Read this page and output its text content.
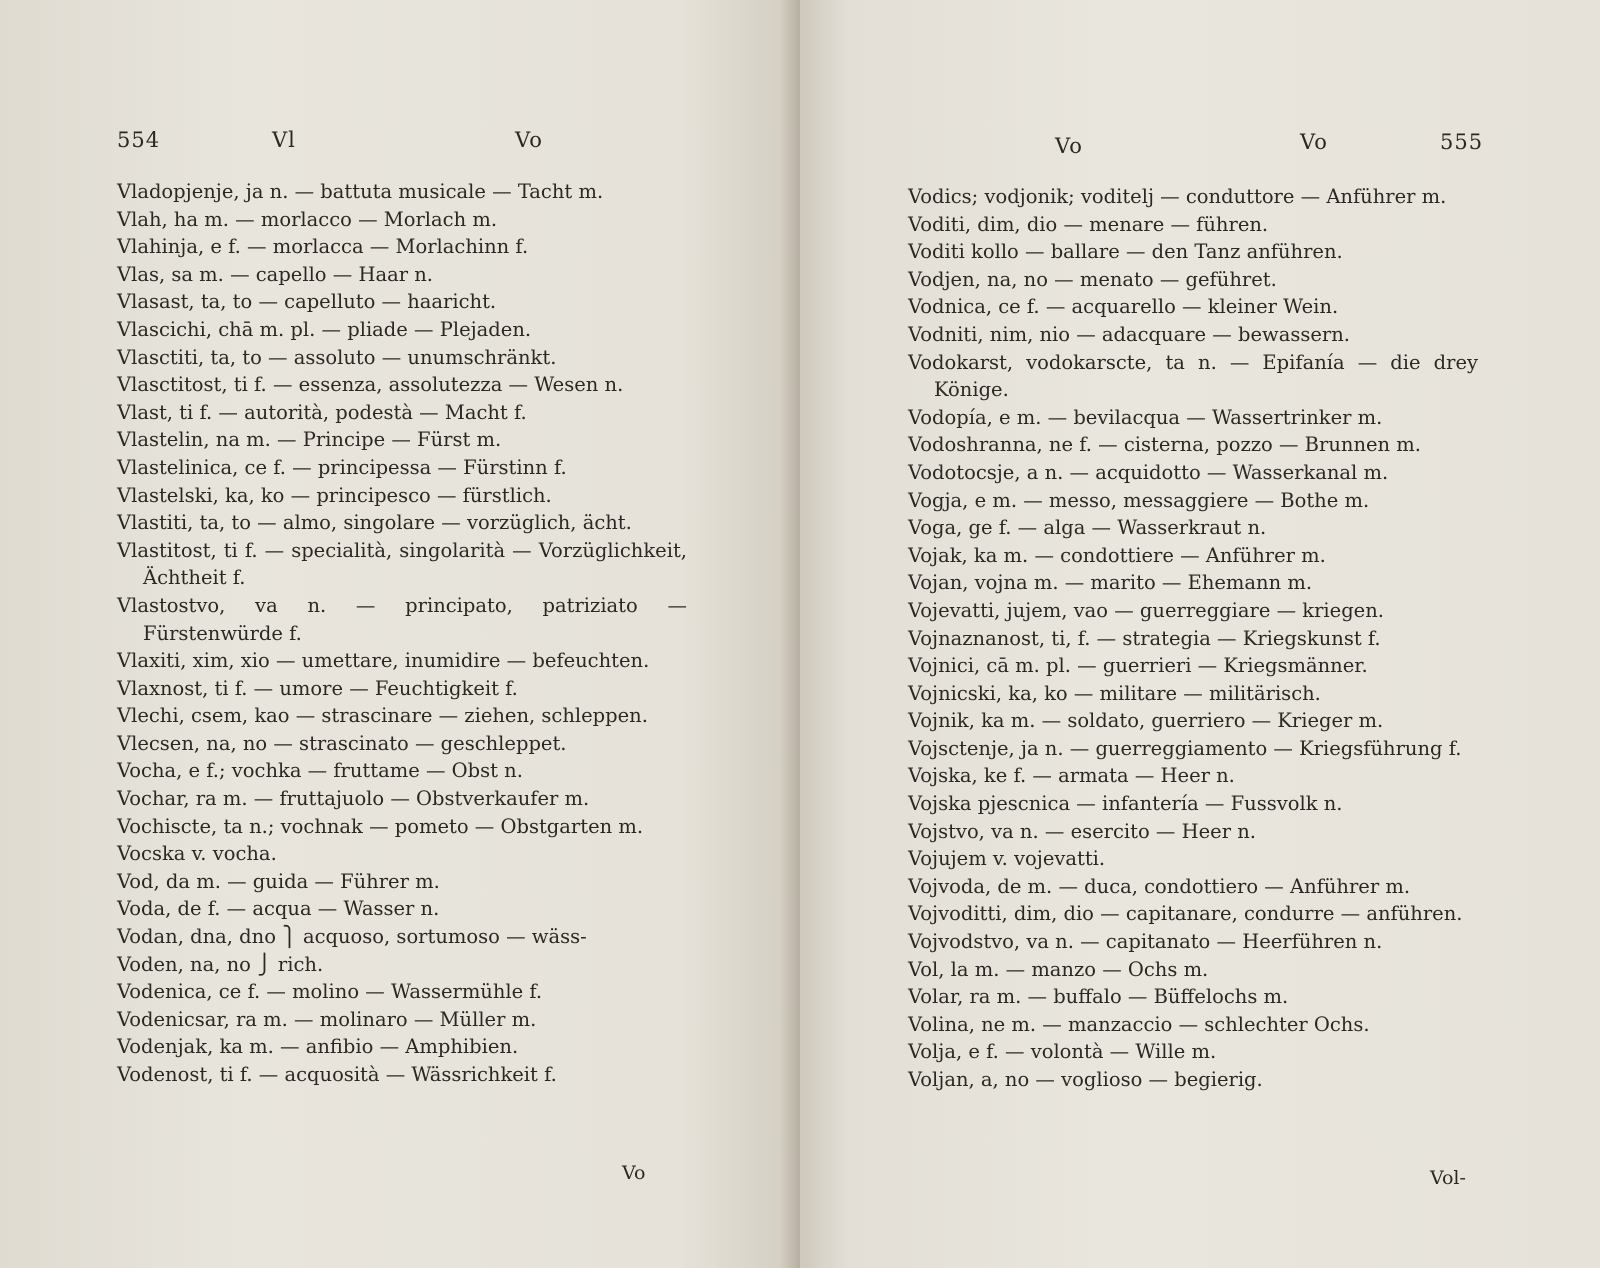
554	Vl	Vo
Vladopjenje, ja n. — battuta musicale — Tacht m.
Vlah, ha m. — morlacco — Morlach m.
Vlahinja, e f. — morlacca — Morlachinn f.
Vlas, sa m. — capello — Haar n.
Vlasast, ta, to — capelluto — haaricht.
Vlascichi, chā m. pl. — pliade — Plejaden.
Vlasctiti, ta, to — assoluto — unumschränkt.
Vlasctitost, ti f. — essenza, assolutezza — Wesen n.
Vlast, ti f. — autorità, podestà — Macht f.
Vlastelin, na m. — Principe — Fürst m.
Vlastelinica, ce f. — principessa — Fürstinn f.
Vlastelski, ka, ko — principesco — fürstlich.
Vlastiti, ta, to — almo, singolare — vorzüglich, ächt.
Vlastitost, ti f. — specialità, singolarità — Vorzüglichkeit, Ächtheit f.
Vlastostvo, va n. — principato, patriziato — Fürstenwürde f.
Vlaxiti, xim, xio — umettare, inumidire — befeuchten.
Vlaxnost, ti f. — umore — Feuchtigkeit f.
Vlechi, csem, kao — strascinare — ziehen, schleppen.
Vlecsen, na, no — strascinato — geschleppet.
Vocha, e f.; vochka — fruttame — Obst n.
Vochar, ra m. — fruttajuolo — Obstverkaufer m.
Vochiscte, ta n.; vochnak — pometo — Obstgarten m.
Vocska v. vocha.
Vod, da m. — guida — Führer m.
Voda, de f. — acqua — Wasser n.
Vodan, dna, dno ⎫ acquoso, sortumoso — wäss-
Voden, na, no ⎭ rich.
Vodenica, ce f. — molino — Wassermühle f.
Vodenicsar, ra m. — molinaro — Müller m.
Vodenjak, ka m. — anfibio — Amphibien.
Vodenost, ti f. — acquosità — Wässrichkeit f.
Vo
Vo	Vo	555
Vodics; vodjonik; voditelj — conduttore — Anführer m.
Voditi, dim, dio — menare — führen.
Voditi kollo — ballare — den Tanz anführen.
Vodjen, na, no — menato — geführet.
Vodnica, ce f. — acquarello — kleiner Wein.
Vodniti, nim, nio — adacquare — bewassern.
Vodokarst, vodokarscte, ta n. — Epifanía — die drey Könige.
Vodopía, e m. — bevilacqua — Wassertrinker m.
Vodoshranna, ne f. — cisterna, pozzo — Brunnen m.
Vodotocsje, a n. — acquidotto — Wasserkanal m.
Vogja, e m. — messo, messaggiere — Bothe m.
Voga, ge f. — alga — Wasserkraut n.
Vojak, ka m. — condottiere — Anführer m.
Vojan, vojna m. — marito — Ehemann m.
Vojevatti, jujem, vao — guerreggiare — kriegen.
Vojnaznanost, ti, f. — strategia — Kriegskunst f.
Vojnici, cā m. pl. — guerrieri — Kriegsmänner.
Vojnicski, ka, ko — militare — militärisch.
Vojnik, ka m. — soldato, guerriero — Krieger m.
Vojsctenje, ja n. — guerreggiamento — Kriegsführung f.
Vojska, ke f. — armata — Heer n.
Vojska pjescnica — infantería — Fussvolk n.
Vojstvo, va n. — esercito — Heer n.
Vojujem v. vojevatti.
Vojvoda, de m. — duca, condottiero — Anführer m.
Vojvoditti, dim, dio — capitanare, condurre — anführen.
Vojvodstvo, va n. — capitanato — Heerführen n.
Vol, la m. — manzo — Ochs m.
Volar, ra m. — buffalo — Büffelochs m.
Volina, ne m. — manzaccio — schlechter Ochs.
Volja, e f. — volontà — Wille m.
Voljan, a, no — voglioso — begierig.
Vol-
